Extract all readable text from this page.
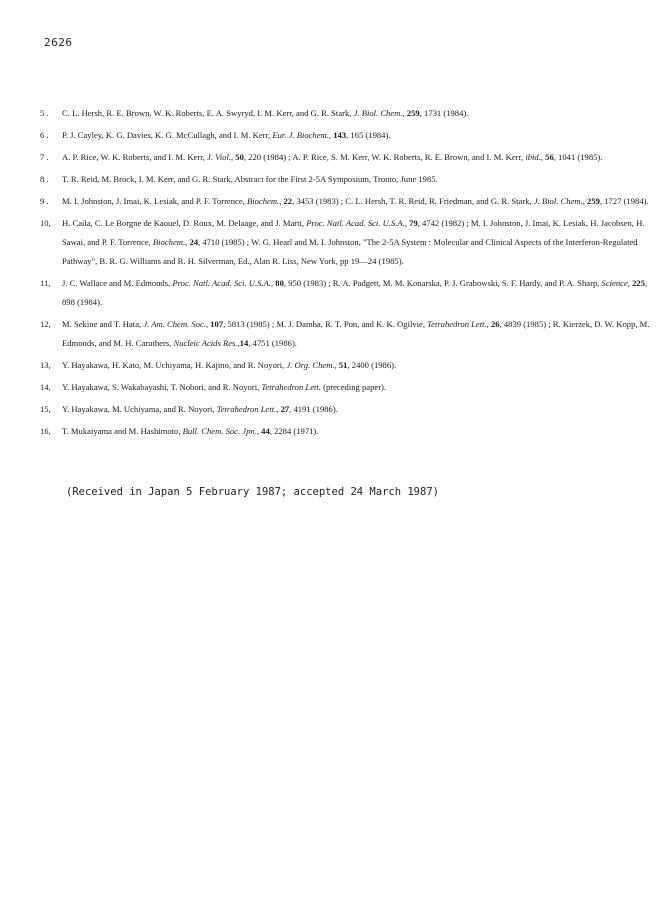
2626
5 .	C. L. Hersh, R. E. Brown, W. K. Roberts, E. A. Swyryd, I. M. Kerr, and G. R. Stark, J. Biol. Chem., 259, 1731 (1984).
6 .	P. J. Cayley, K. G. Davies, K. G. McCullagh, and I. M. Kerr, Eur. J. Biochem., 143, 165 (1984).
7 .	A. P. Rice, W. K. Roberts, and I. M. Kerr, J. Viol., 50, 220 (1984) ; A. P. Rice, S. M. Kerr, W. K. Roberts, R. E. Brown, and I. M. Kerr, ibid., 56, 1041 (1985).
8 .	T. R. Reid, M. Brock, I. M. Kerr, and G. R. Stark, Abstract for the First 2-5A Symposium, Tronto, June 1985.
9 .	M. I. Johnston, J. Imai, K. Lesiak, and P. F. Torrence, Biochem., 22, 3453 (1983) ; C. L. Hersh, T. R. Reid, R. Friedman, and G. R. Stark, J. Biol. Chem., 259, 1727 (1984).
10,	H. Caila, C. Le Borgne de Kaouel, D. Roux, M. Delaage, and J. Marti, Proc. Natl. Acad. Sci. U.S.A., 79, 4742 (1982) ; M. I. Johnston, J. Imai, K. Lesiak, H. Jacobsen, H. Sawai, and P. F. Torrence, Biochem., 24, 4710 (1985) ; W. G. Hearl and M. I. Johnston, "The 2-5A System : Molecular and Clinical Aspects of the Interferon-Regulated Pathway", B. R. G. Williams and R. H. Silverman, Ed., Alan R. Liss, New York, pp 19—24 (1985).
11,	J. C. Wallace and M. Edmonds, Proc. Natl. Acad. Sci. U.S.A., 80, 950 (1983) ; R. A. Padgett, M. M. Konarska, P. J. Grabowski, S. F. Hardy, and P. A. Sharp, Science, 225, 898 (1984).
12,	M. Sekine and T. Hata, J. Am. Chem. Soc., 107, 5813 (1985) ; M. J. Damha, R. T. Pon, and K. K. Ogilvie, Tetrahedron Lett., 26, 4839 (1985) ; R. Kierzek, D. W. Kopp, M. Edmonds, and M. H. Caruthers, Nucleic Acids Res.,14, 4751 (1986).
13,	Y. Hayakawa, H. Kato, M. Uchiyama, H. Kajino, and R. Noyori, J. Org. Chem., 51, 2400 (1986).
14,	Y. Hayakawa, S. Wakabayashi, T. Nobori, and R. Noyori, Tetrahedron Lett. (preceding paper).
15,	Y. Hayakawa, M. Uchiyama, and R. Noyori, Tetrahedron Lett., 27, 4191 (1986).
16,	T. Mukaiyama and M. Hashimoto, Bull. Chem. Soc. Jpn., 44, 2284 (1971).
(Received in Japan 5 February 1987; accepted 24 March 1987)
